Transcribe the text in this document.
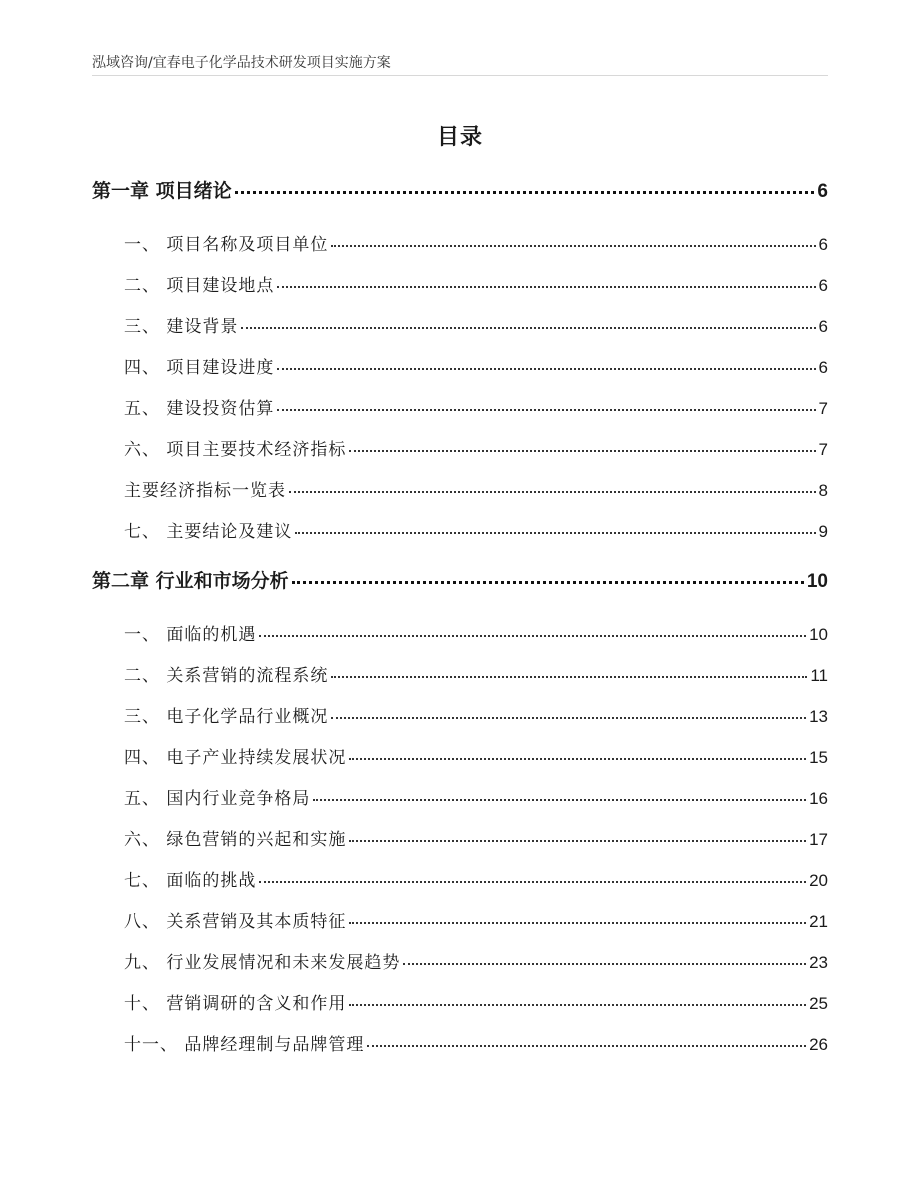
泓域咨询/宜春电子化学品技术研发项目实施方案
目录
第一章 项目绪论	6
一、 项目名称及项目单位	6
二、 项目建设地点	6
三、 建设背景	6
四、 项目建设进度	6
五、 建设投资估算	7
六、 项目主要技术经济指标	7
主要经济指标一览表	8
七、 主要结论及建议	9
第二章 行业和市场分析	10
一、 面临的机遇	10
二、 关系营销的流程系统	11
三、 电子化学品行业概况	13
四、 电子产业持续发展状况	15
五、 国内行业竞争格局	16
六、 绿色营销的兴起和实施	17
七、 面临的挑战	20
八、 关系营销及其本质特征	21
九、 行业发展情况和未来发展趋势	23
十、 营销调研的含义和作用	25
十一、 品牌经理制与品牌管理	26
